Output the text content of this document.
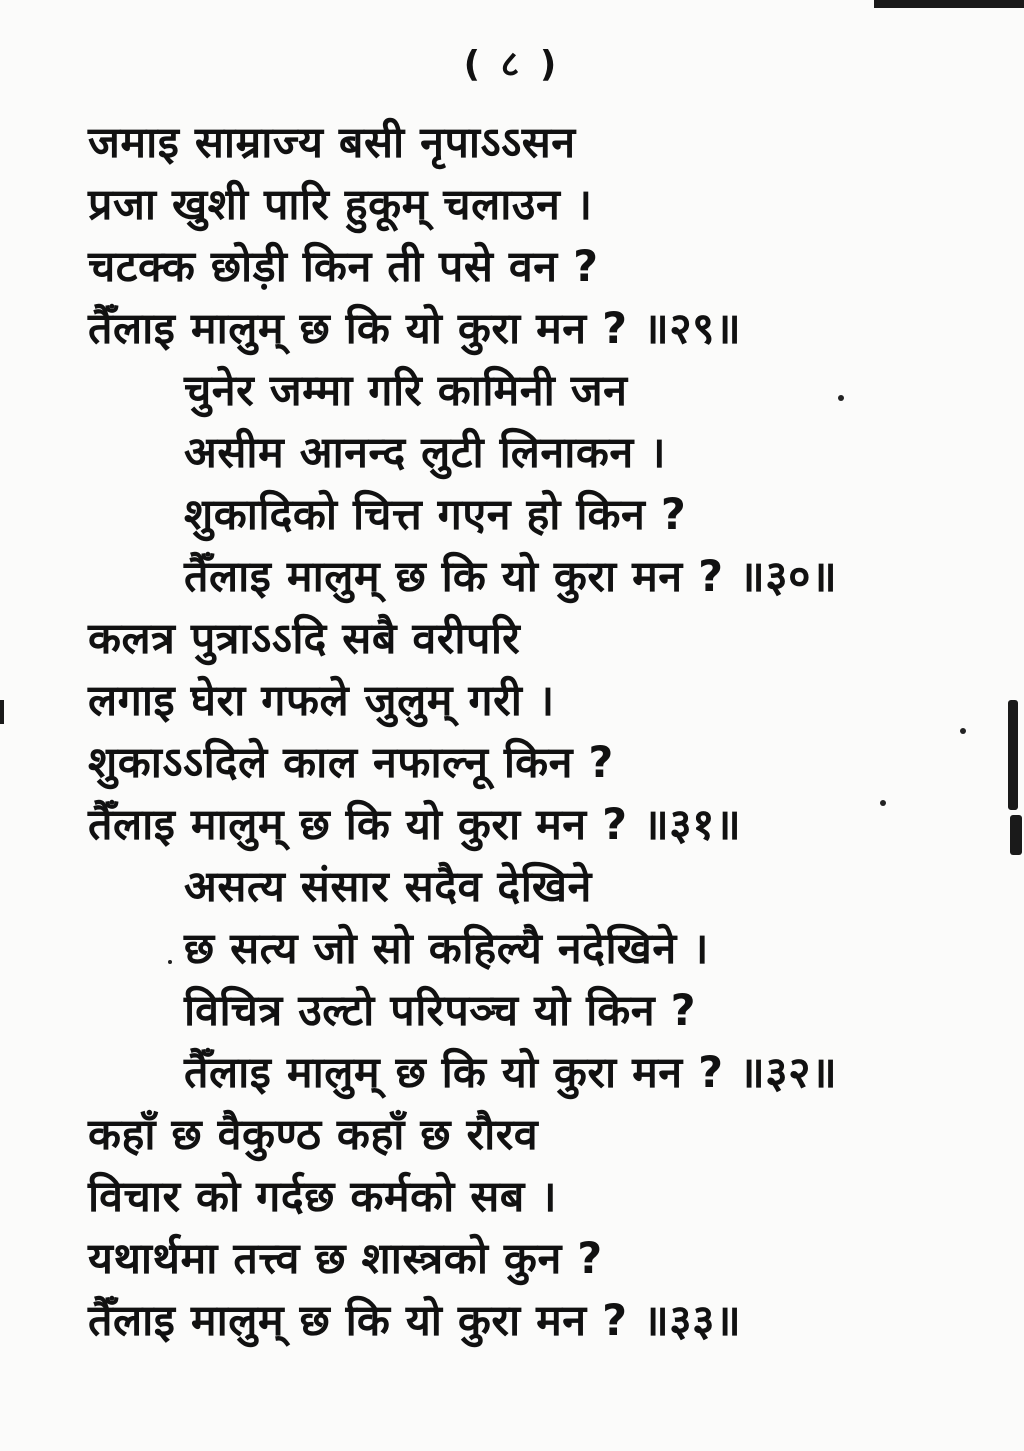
( ८ )
जमाइ साम्राज्य बसी नृपाऽऽसन
प्रजा खुशी पारि हुकूम् चलाउन ।
चटक्क छोड़ी किन ती पसे वन ?
तैँलाइ मालुम् छ कि यो कुरा मन ? ॥२९॥
चुनेर जम्मा गरि कामिनी जन
असीम आनन्द लुटी लिनाकन ।
शुकादिको चित्त गएन हो किन ?
तैँलाइ मालुम् छ कि यो कुरा मन ? ॥३०॥
कलत्र पुत्राऽऽदि सबै वरीपरि
लगाइ घेरा गफले जुलुम् गरी ।
शुकाऽऽदिले काल नफाल्नू किन ?
तैँलाइ मालुम् छ कि यो कुरा मन ? ॥३१॥
असत्य संसार सदैव देखिने
छ सत्य जो सो कहिल्यै नदेखिने ।
विचित्र उल्टो परिपञ्च यो किन ?
तैँलाइ मालुम् छ कि यो कुरा मन ? ॥३२॥
कहाँ छ वैकुण्ठ कहाँ छ रौरव
विचार को गर्दछ कर्मको सब ।
यथार्थमा तत्त्व छ शास्त्रको कुन ?
तैँलाइ मालुम् छ कि यो कुरा मन ? ॥३३॥
